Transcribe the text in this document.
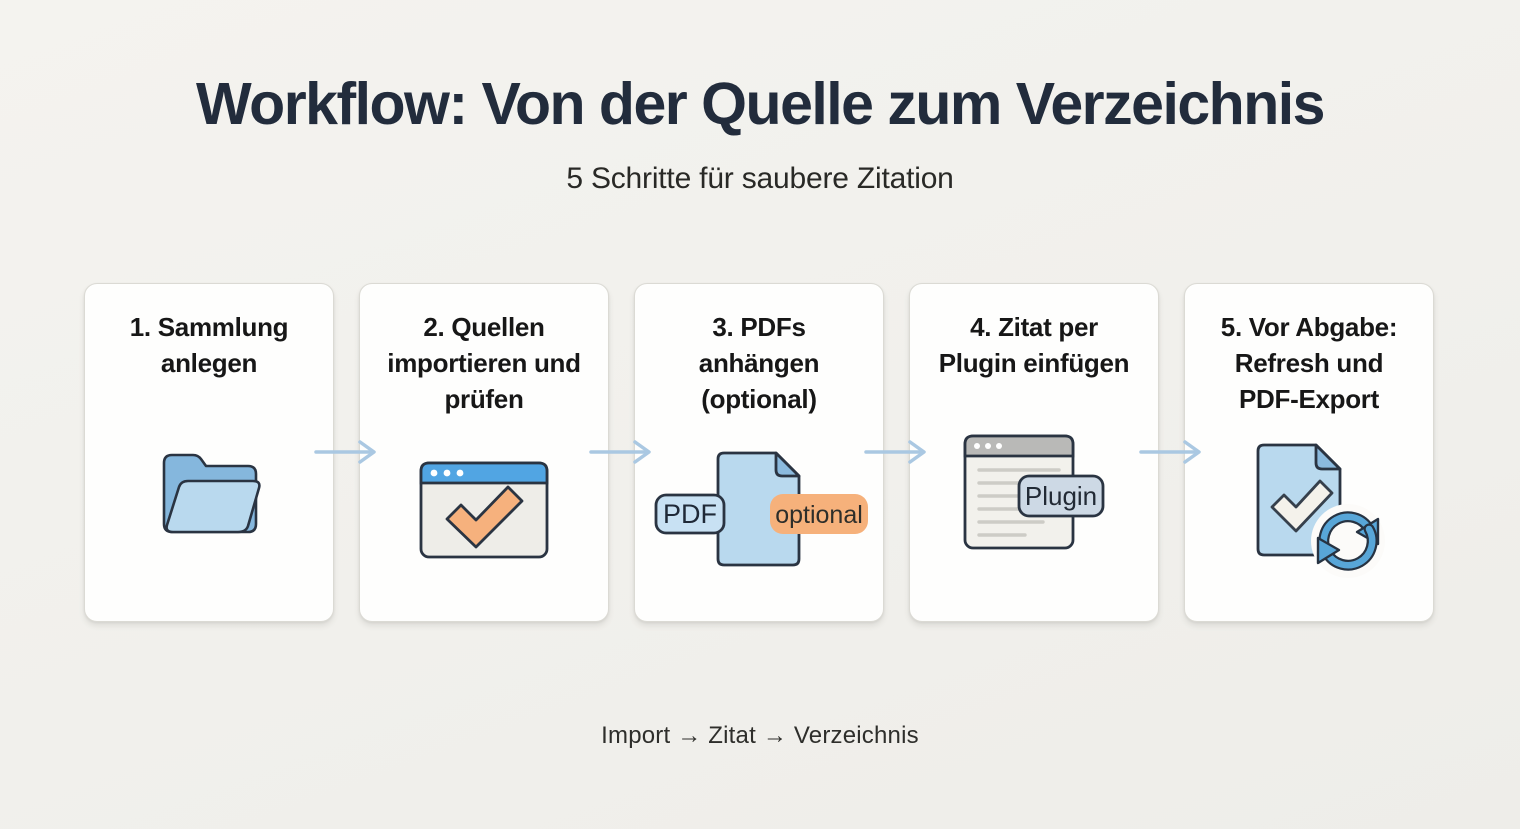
Workflow: Von der Quelle zum Verzeichnis
5 Schritte für saubere Zitation
1. Sammlung anlegen
2. Quellen importieren und prüfen
3. PDFs anhängen (optional)
PDF optional
4. Zitat per Plugin einfügen
Plugin
5. Vor Abgabe: Refresh und PDF-Export
Import → Zitat → Verzeichnis
